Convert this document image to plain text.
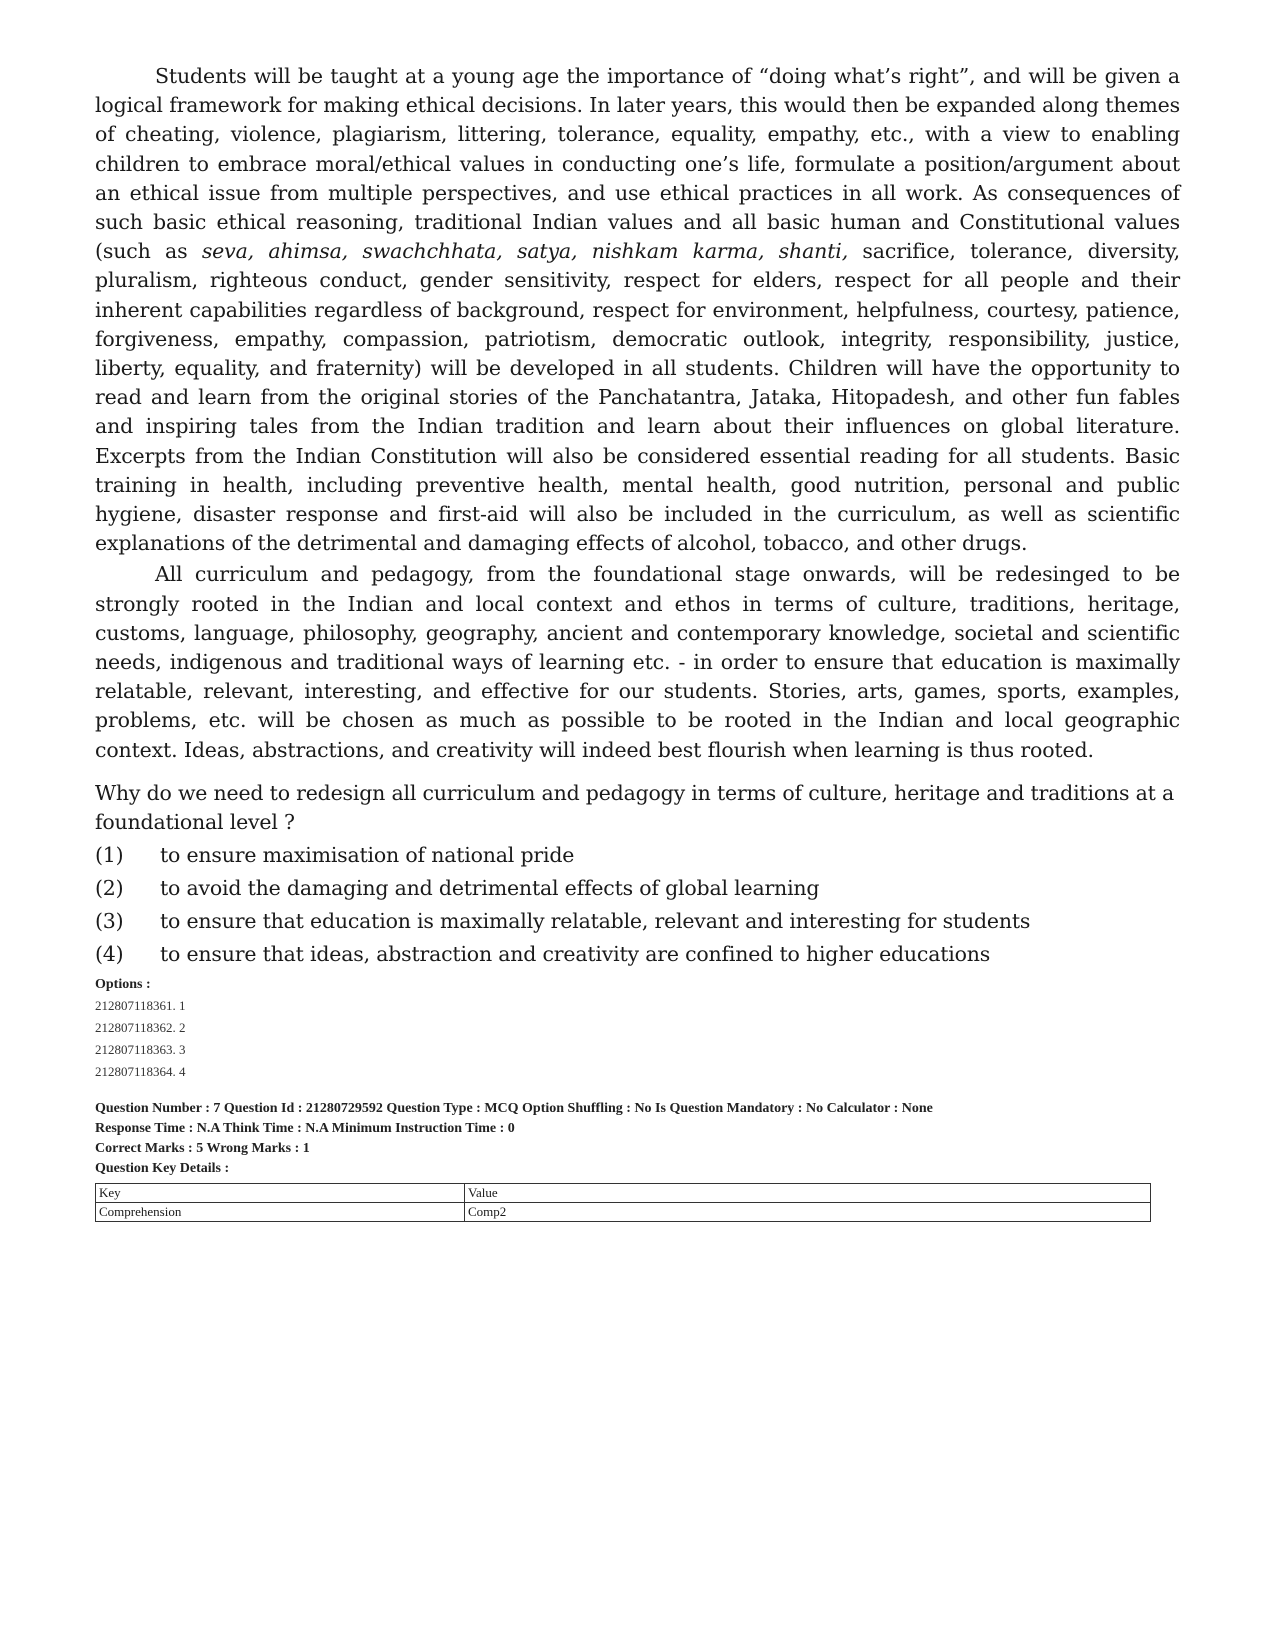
Students will be taught at a young age the importance of “doing what’s right”, and will be given a logical framework for making ethical decisions. In later years, this would then be expanded along themes of cheating, violence, plagiarism, littering, tolerance, equality, empathy, etc., with a view to enabling children to embrace moral/ethical values in conducting one’s life, formulate a position/argument about an ethical issue from multiple perspectives, and use ethical practices in all work. As consequences of such basic ethical reasoning, traditional Indian values and all basic human and Constitutional values (such as seva, ahimsa, swachchhata, satya, nishkam karma, shanti, sacrifice, tolerance, diversity, pluralism, righteous conduct, gender sensitivity, respect for elders, respect for all people and their inherent capabilities regardless of background, respect for environment, helpfulness, courtesy, patience, forgiveness, empathy, compassion, patriotism, democratic outlook, integrity, responsibility, justice, liberty, equality, and fraternity) will be developed in all students. Children will have the opportunity to read and learn from the original stories of the Panchatantra, Jataka, Hitopadesh, and other fun fables and inspiring tales from the Indian tradition and learn about their influences on global literature. Excerpts from the Indian Constitution will also be considered essential reading for all students. Basic training in health, including preventive health, mental health, good nutrition, personal and public hygiene, disaster response and first-aid will also be included in the curriculum, as well as scientific explanations of the detrimental and damaging effects of alcohol, tobacco, and other drugs.

All curriculum and pedagogy, from the foundational stage onwards, will be redesinged to be strongly rooted in the Indian and local context and ethos in terms of culture, traditions, heritage, customs, language, philosophy, geography, ancient and contemporary knowledge, societal and scientific needs, indigenous and traditional ways of learning etc. - in order to ensure that education is maximally relatable, relevant, interesting, and effective for our students. Stories, arts, games, sports, examples, problems, etc. will be chosen as much as possible to be rooted in the Indian and local geographic context. Ideas, abstractions, and creativity will indeed best flourish when learning is thus rooted.

Why do we need to redesign all curriculum and pedagogy in terms of culture, heritage and traditions at a foundational level ?

(1)	to ensure maximisation of national pride
(2)	to avoid the damaging and detrimental effects of global learning
(3)	to ensure that education is maximally relatable, relevant and interesting for students
(4)	to ensure that ideas, abstraction and creativity are confined to higher educations
Options :
212807118361. 1
212807118362. 2
212807118363. 3
212807118364. 4
Question Number : 7 Question Id : 21280729592 Question Type : MCQ Option Shuffling : No Is Question Mandatory : No Calculator : None
Response Time : N.A Think Time : N.A Minimum Instruction Time : 0
Correct Marks : 5 Wrong Marks : 1
Question Key Details :
Key	Value
Comprehension	Comp2
